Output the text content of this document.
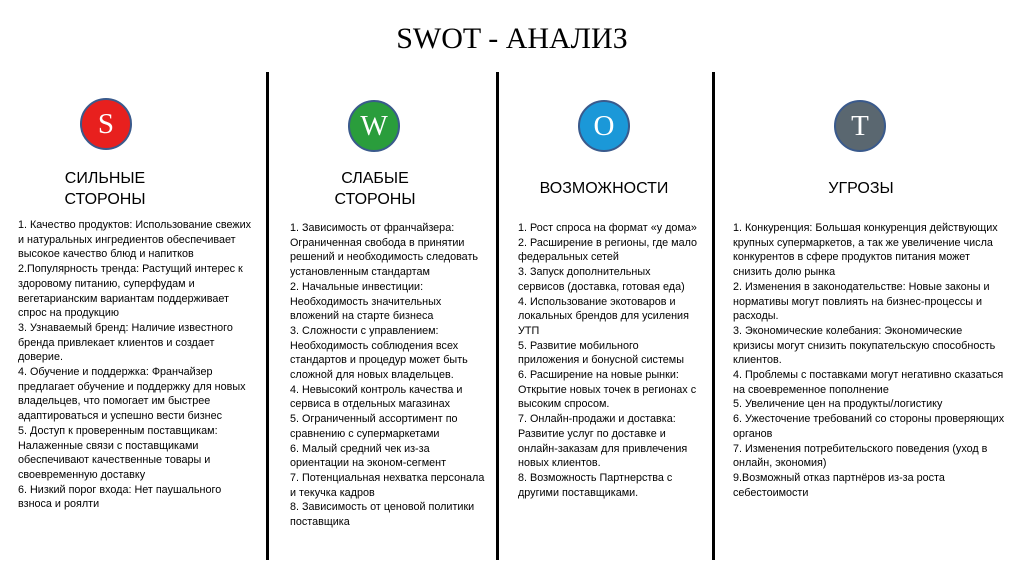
SWOT - АНАЛИЗ
S
СИЛЬНЫЕ
СТОРОНЫ
1. Качество продуктов: Использование свежих и натуральных ингредиентов обеспечивает высокое качество блюд и напитков
2.Популярность тренда: Растущий интерес к здоровому питанию, суперфудам и вегетарианским вариантам поддерживает спрос на продукцию
3. Узнаваемый бренд: Наличие известного бренда привлекает клиентов и создает доверие.
4. Обучение и поддержка: Франчайзер предлагает обучение и поддержку для новых владельцев, что помогает им быстрее адаптироваться и успешно вести бизнес
5. Доступ к проверенным поставщикам: Налаженные связи с поставщиками обеспечивают качественные товары и своевременную доставку
6. Низкий порог входа: Нет паушального взноса и роялти
W
СЛАБЫЕ
СТОРОНЫ
1. Зависимость от франчайзера: Ограниченная свобода в принятии решений и необходимость следовать установленным стандартам
2. Начальные инвестиции: Необходимость значительных вложений на старте бизнеса
3. Сложности с управлением: Необходимость соблюдения всех стандартов и процедур может быть сложной для новых владельцев.
4. Невысокий контроль качества и сервиса в отдельных магазинах
5. Ограниченный ассортимент по сравнению с супермаркетами
6. Малый средний чек из-за ориентации на эконом-сегмент
7. Потенциальная нехватка персонала и текучка кадров
8. Зависимость от ценовой политики поставщика
O
ВОЗМОЖНОСТИ
1. Рост спроса на формат «у дома»
2. Расширение в регионы, где мало федеральных сетей
3. Запуск дополнительных сервисов (доставка, готовая еда)
4. Использование экотоваров и локальных брендов для усиления УТП
5. Развитие мобильного приложения и бонусной системы
6. Расширение на новые рынки: Открытие новых точек в регионах с высоким спросом.
7. Онлайн-продажи и доставка: Развитие услуг по доставке и онлайн-заказам для привлечения новых клиентов.
8. Возможность Партнерства с другими поставщиками.
T
УГРОЗЫ
1. Конкуренция: Большая конкуренция действующих крупных супермаркетов, а так же увеличение числа конкурентов в сфере продуктов питания может снизить долю рынка
2. Изменения в законодательстве: Новые законы и нормативы могут повлиять на бизнес-процессы и расходы.
3. Экономические колебания: Экономические кризисы могут снизить покупательскую способность клиентов.
4. Проблемы с поставками могут негативно сказаться на своевременное пополнение
5. Увеличение цен на продукты/логистику
6. Ужесточение требований со стороны проверяющих органов
7. Изменения потребительского поведения (уход в онлайн, экономия)
9.Возможный отказ партнёров из-за роста себестоимости
